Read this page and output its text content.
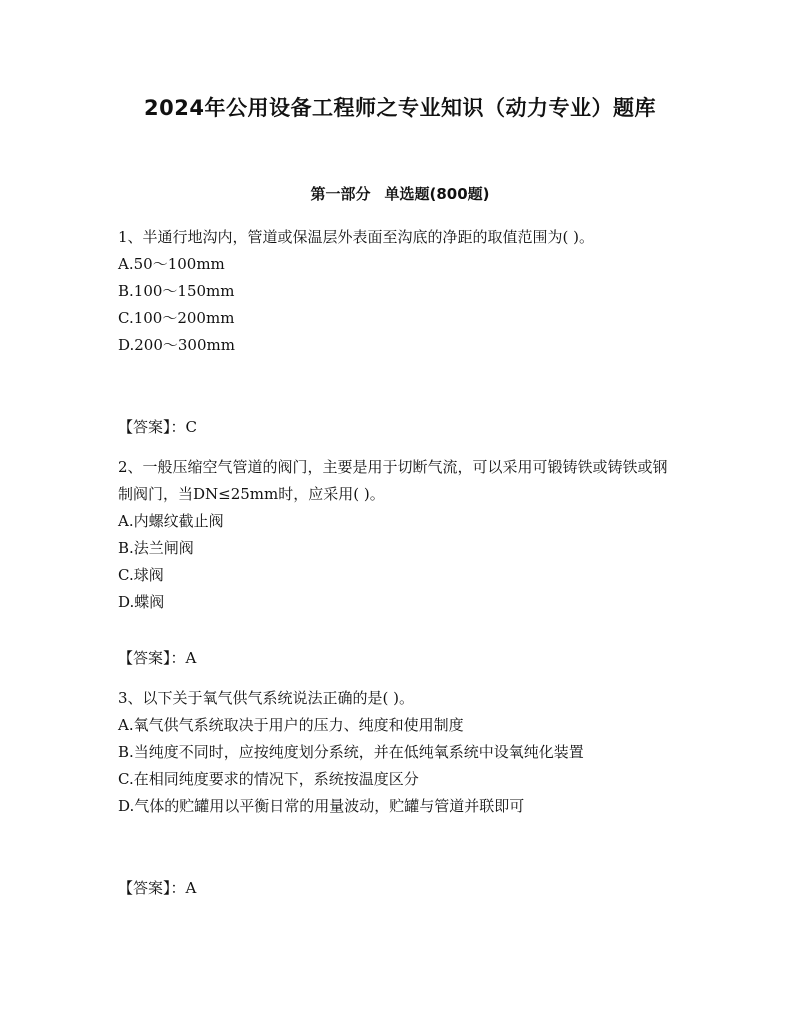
2024年公用设备工程师之专业知识（动力专业）题库
第一部分 单选题(800题)

1、半通行地沟内，管道或保温层外表面至沟底的净距的取值范围为( )。

A.50～100mm

B.100～150mm

C.100～200mm

D.200～300mm

【答案】：C

2、一般压缩空气管道的阀门，主要是用于切断气流，可以采用可锻铸铁或铸铁或钢制阀门，当DN≤25mm时，应采用( )。

A.内螺纹截止阀

B.法兰闸阀

C.球阀

D.蝶阀

【答案】：A

3、以下关于氧气供气系统说法正确的是( )。

A.氧气供气系统取决于用户的压力、纯度和使用制度

B.当纯度不同时，应按纯度划分系统，并在低纯氧系统中设氧纯化装置

C.在相同纯度要求的情况下，系统按温度区分

D.气体的贮罐用以平衡日常的用量波动，贮罐与管道并联即可

【答案】：A
